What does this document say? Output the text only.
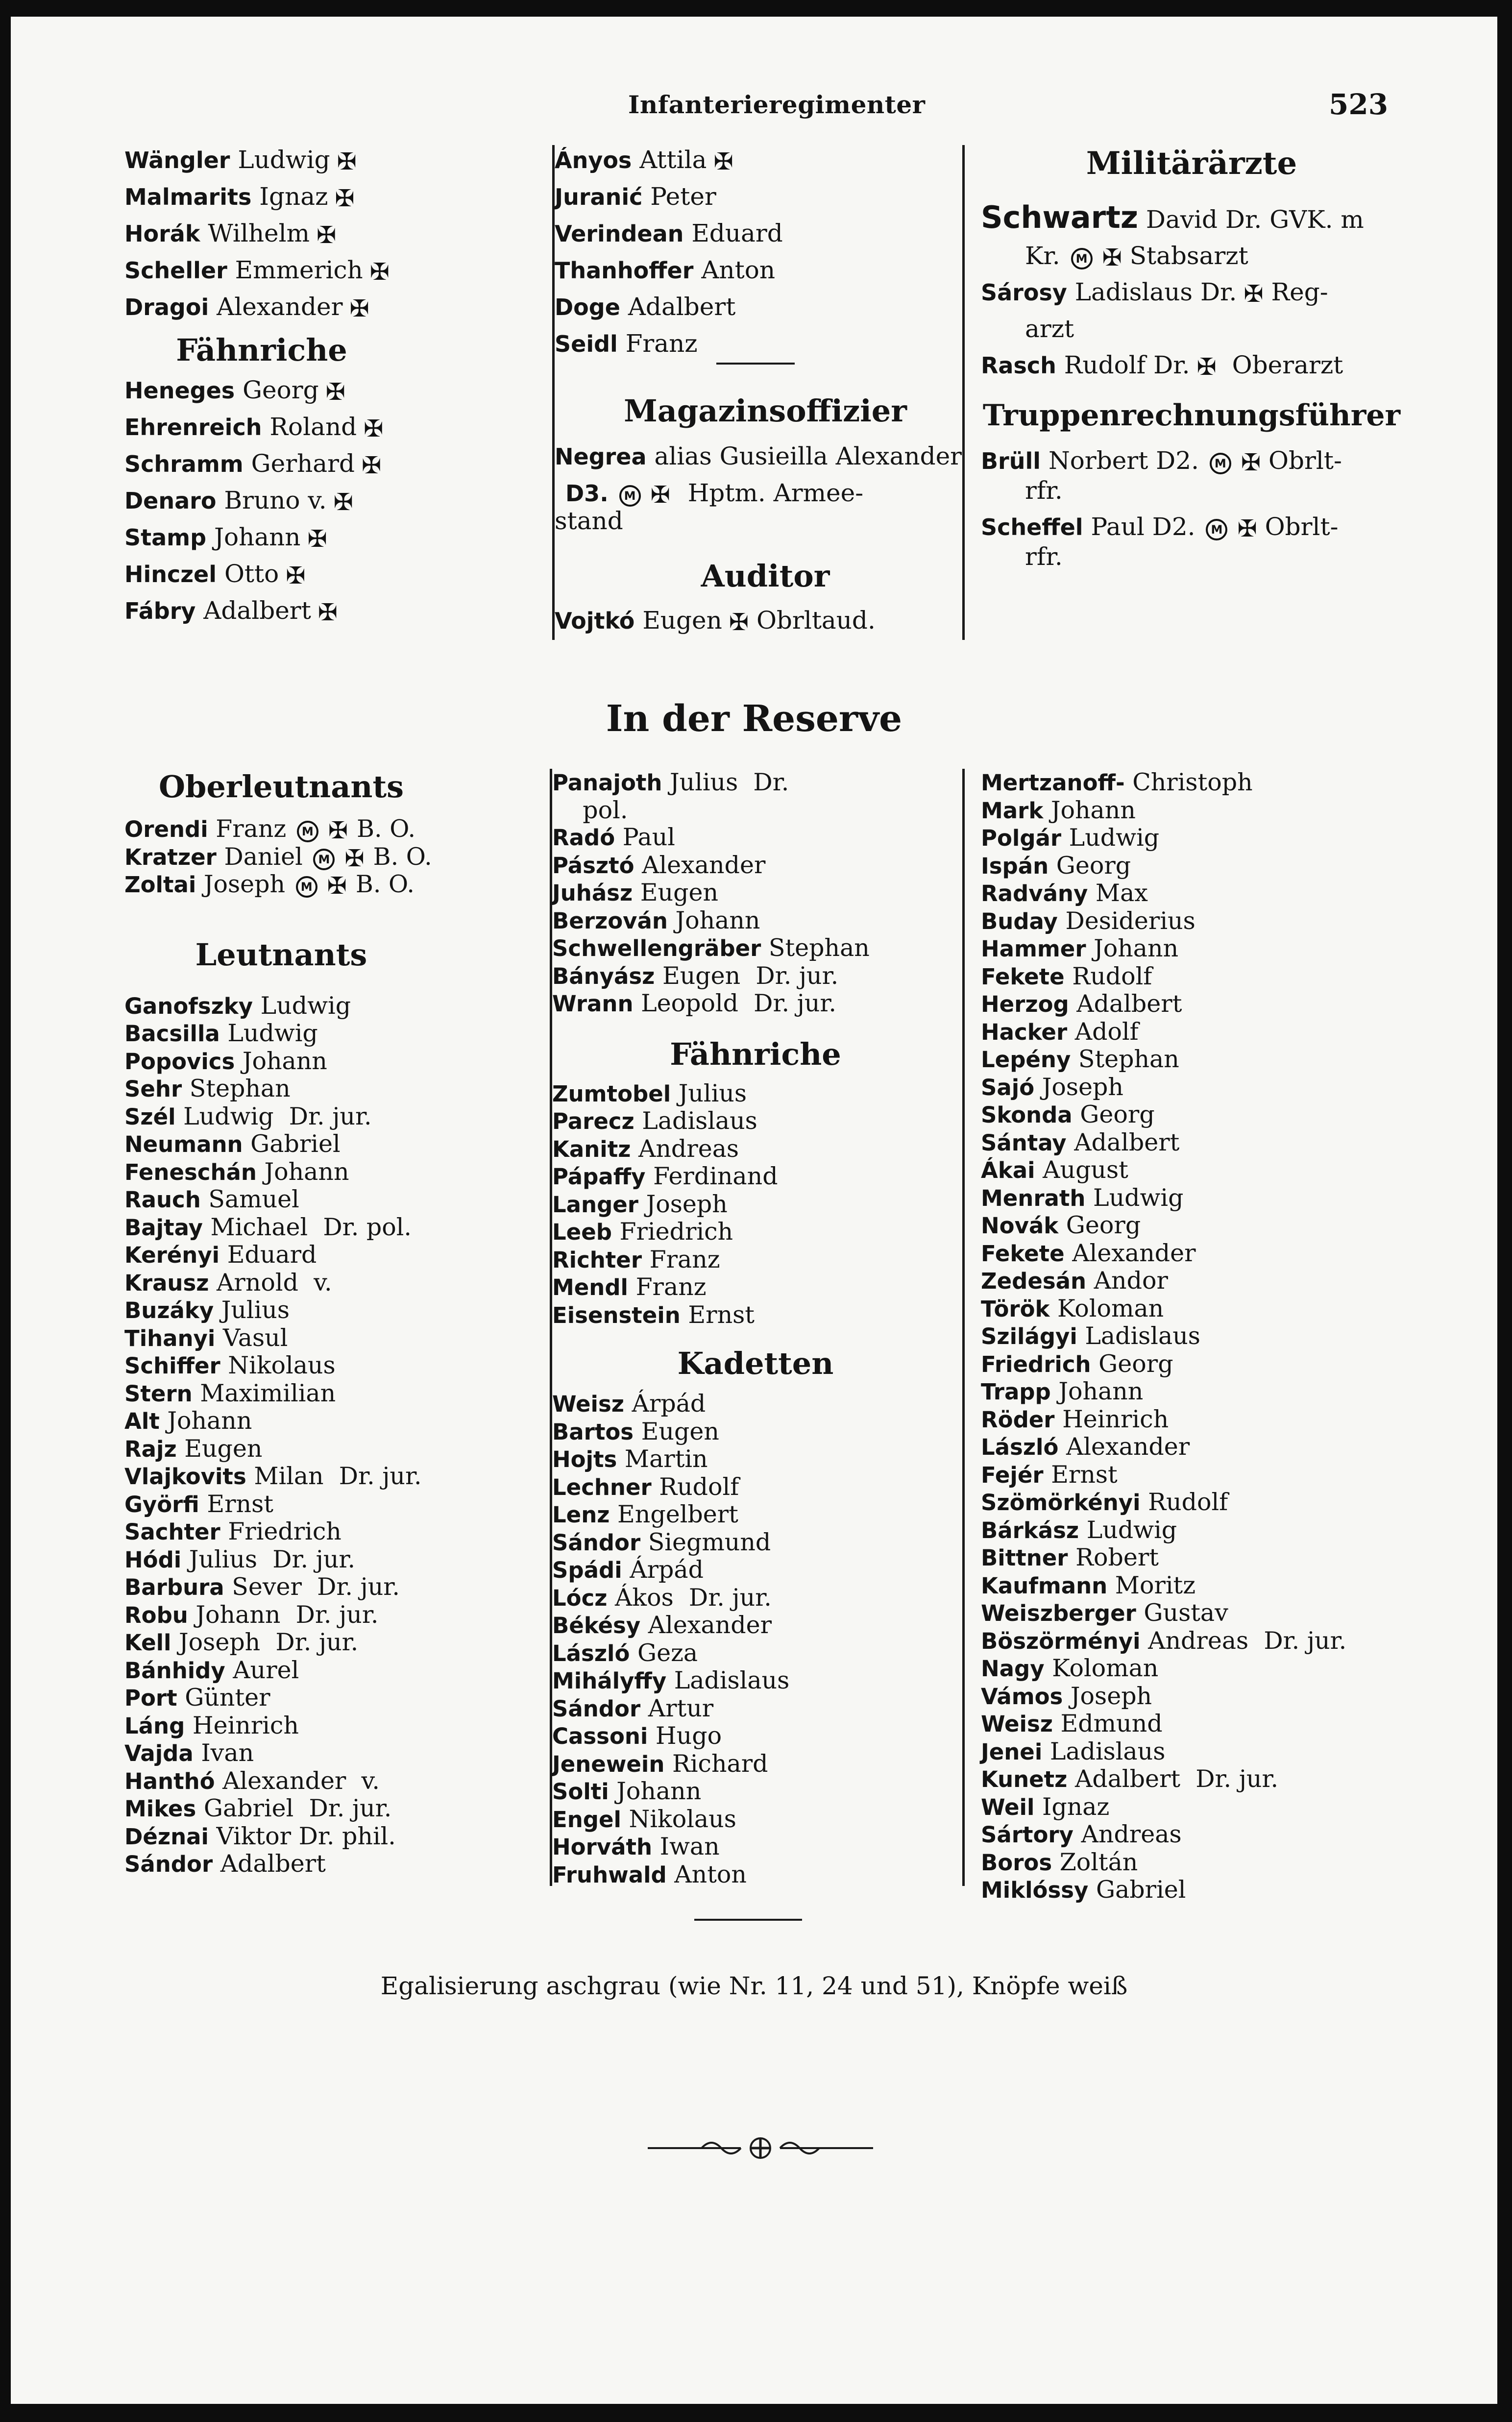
Infanterieregimenter	523
Wängler Ludwig ✠
Malmarits Ignaz ✠
Horák Wilhelm ✠
Scheller Emmerich ✠
Dragoi Alexander ✠
Fähnriche
Heneges Georg ✠
Ehrenreich Roland ✠
Schramm Gerhard ✠
Denaro Bruno v. ✠
Stamp Johann ✠
Hinczel Otto ✠
Fábry Adalbert ✠
Ányos Attila ✠
Juranić Peter
Verindean Eduard
Thanhoffer Anton
Doge Adalbert
Seidl Franz
Magazinsoffizier
Negrea alias Gusieilla Alexander
D3. M ✠ Hptm. Armee-
stand
Auditor
Vojtkó Eugen ✠ Obrltaud.
Militärärzte
Schwartz David Dr. GVK. m
Kr. M ✠ Stabsarzt
Sárosy Ladislaus Dr. ✠ Reg-
arzt
Rasch Rudolf Dr. ✠ Oberarzt
Truppenrechnungsführer
Brüll Norbert D2. M ✠ Obrlt-
rfr.
Scheffel Paul D2. M ✠ Obrlt-
rfr.
In der Reserve
Oberleutnants
Orendi Franz M ✠ B. O.
Kratzer Daniel M ✠ B. O.
Zoltai Joseph M ✠ B. O.
Leutnants
Ganofszky Ludwig
Bacsilla Ludwig
Popovics Johann
Sehr Stephan
Szél Ludwig  Dr. jur.
Neumann Gabriel
Feneschán Johann
Rauch Samuel
Bajtay Michael  Dr. pol.
Kerényi Eduard
Krausz Arnold  v.
Buzáky Julius
Tihanyi Vasul
Schiffer Nikolaus
Stern Maximilian
Alt Johann
Rajz Eugen
Vlajkovits Milan  Dr. jur.
Györfi Ernst
Sachter Friedrich
Hódi Julius  Dr. jur.
Barbura Sever  Dr. jur.
Robu Johann  Dr. jur.
Kell Joseph  Dr. jur.
Bánhidy Aurel
Port Günter
Láng Heinrich
Vajda Ivan
Hanthó Alexander  v.
Mikes Gabriel  Dr. jur.
Déznai Viktor Dr. phil.
Sándor Adalbert
Panajoth Julius  Dr.
pol.
Radó Paul
Pásztó Alexander
Juhász Eugen
Berzován Johann
Schwellengräber Stephan
Bányász Eugen  Dr. jur.
Wrann Leopold  Dr. jur.
Fähnriche
Zumtobel Julius
Parecz Ladislaus
Kanitz Andreas
Pápaffy Ferdinand
Langer Joseph
Leeb Friedrich
Richter Franz
Mendl Franz
Eisenstein Ernst
Kadetten
Weisz Árpád
Bartos Eugen
Hojts Martin
Lechner Rudolf
Lenz Engelbert
Sándor Siegmund
Spádi Árpád
Lócz Ákos  Dr. jur.
Békésy Alexander
László Geza
Mihályffy Ladislaus
Sándor Artur
Cassoni Hugo
Jenewein Richard
Solti Johann
Engel Nikolaus
Horváth Iwan
Fruhwald Anton
Mertzanoff- Christoph
Mark Johann
Polgár Ludwig
Ispán Georg
Radvány Max
Buday Desiderius
Hammer Johann
Fekete Rudolf
Herzog Adalbert
Hacker Adolf
Lepény Stephan
Sajó Joseph
Skonda Georg
Sántay Adalbert
Ákai August
Menrath Ludwig
Novák Georg
Fekete Alexander
Zedesán Andor
Török Koloman
Szilágyi Ladislaus
Friedrich Georg
Trapp Johann
Röder Heinrich
László Alexander
Fejér Ernst
Szömörkényi Rudolf
Bárkász Ludwig
Bittner Robert
Kaufmann Moritz
Weiszberger Gustav
Böszörményi Andreas  Dr. jur.
Nagy Koloman
Vámos Joseph
Weisz Edmund
Jenei Ladislaus
Kunetz Adalbert  Dr. jur.
Weil Ignaz
Sártory Andreas
Boros Zoltán
Miklóssy Gabriel
Egalisierung aschgrau (wie Nr. 11, 24 und 51), Knöpfe weiß
